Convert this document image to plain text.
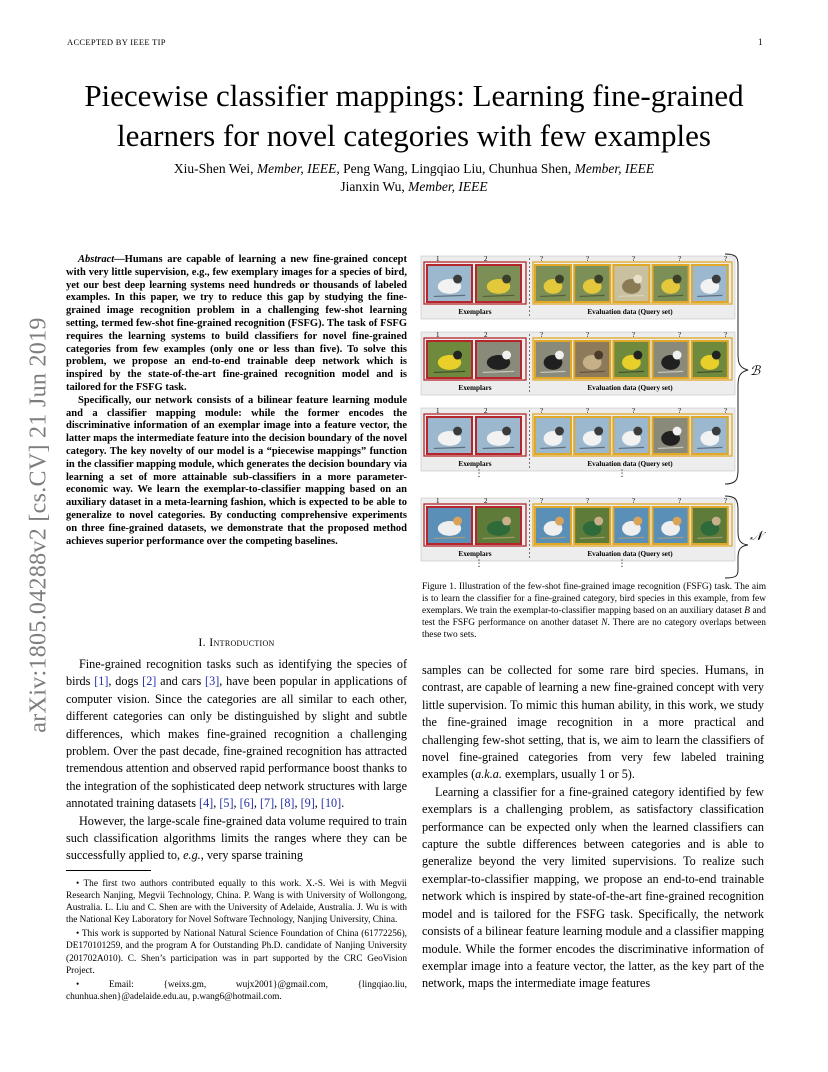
ACCEPTED BY IEEE TIP	1
arXiv:1805.04288v2 [cs.CV] 21 Jun 2019
Piecewise classifier mappings: Learning fine-grained learners for novel categories with few examples
Xiu-Shen Wei, Member, IEEE, Peng Wang, Lingqiao Liu, Chunhua Shen, Member, IEEE
Jianxin Wu, Member, IEEE

Abstract—Humans are capable of learning a new fine-grained concept with very little supervision, e.g., few exemplary images for a species of bird, yet our best deep learning systems need hundreds or thousands of labeled examples. In this paper, we try to reduce this gap by studying the fine-grained image recognition problem in a challenging few-shot learning setting, termed few-shot fine-grained recognition (FSFG). The task of FSFG requires the learning systems to build classifiers for novel fine-grained categories from few examples (only one or less than five). To solve this problem, we propose an end-to-end trainable deep network which is inspired by the state-of-the-art fine-grained recognition model and is tailored for the FSFG task.

Specifically, our network consists of a bilinear feature learning module and a classifier mapping module: while the former encodes the discriminative information of an exemplar image into a feature vector, the latter maps the intermediate feature into the decision boundary of the novel category. The key novelty of our model is a “piecewise mappings” function in the classifier mapping module, which generates the decision boundary via learning a set of more attainable sub-classifiers in a more parameter-economic way. We learn the exemplar-to-classifier mapping based on an auxiliary dataset in a meta-learning fashion, which is expected to be able to generalize to novel categories. By conducting comprehensive experiments on three fine-grained datasets, we demonstrate that the proposed method achieves superior performance over the competing baselines.

I. Introduction

Fine-grained recognition tasks such as identifying the species of birds [1], dogs [2] and cars [3], have been popular in applications of computer vision. Since the categories are all similar to each other, different categories can only be distinguished by slight and subtle differences, which makes fine-grained recognition a challenging problem. Over the past decade, fine-grained recognition has attracted tremendous attention and observed rapid performance boost thanks to the integration of the sophisticated deep network structures with large annotated training datasets [4], [5], [6], [7], [8], [9], [10].

However, the large-scale fine-grained data volume required to train such classification algorithms limits the ranges where they can be successfully applied to, e.g., very sparse training

• The first two authors contributed equally to this work. X.-S. Wei is with Megvii Research Nanjing, Megvii Technology, China. P. Wang is with University of Wollongong, Australia. L. Liu and C. Shen are with the University of Adelaide, Australia. J. Wu is with the National Key Laboratory for Novel Software Technology, Nanjing University, China.

• This work is supported by National Natural Science Foundation of China (61772256), DE170101259, and the program A for Outstanding Ph.D. candidate of Nanjing University (201702A010). C. Shen’s participation was in part supported by the CRC GeoVision Project.

• Email: {weixs.gm, wujx2001}@gmail.com, {lingqiao.liu, chunhua.shen}@adelaide.edu.au, p.wang6@hotmail.com.

1	2	?	?	?	?	?
Exemplars	Evaluation data (Query set)
1	2	?	?	?	?	?
Exemplars	Evaluation data (Query set)
1	2	?	?	?	?	?
Exemplars	Evaluation data (Query set)
1	2	?	?	?	?	?
Exemplars	Evaluation data (Query set)
⋮	⋮
⋮	⋮
ℬ
𝒩
Figure 1. Illustration of the few-shot fine-grained image recognition (FSFG) task. The aim is to learn the classifier for a fine-grained category, bird species in this example, from few exemplars. We train the exemplar-to-classifier mapping based on an auxiliary dataset B and test the FSFG performance on another dataset N. There are no category overlaps between these two sets.

samples can be collected for some rare bird species. Humans, in contrast, are capable of learning a new fine-grained concept with very little supervision. To mimic this human ability, in this work, we study the fine-grained image recognition in a more practical and challenging few-shot setting, that is, we aim to learn the classifiers of novel fine-grained categories from very few labeled training examples (a.k.a. exemplars, usually 1 or 5).

Learning a classifier for a fine-grained category identified by few exemplars is a challenging problem, as satisfactory classification performance can be expected only when the learned classifiers can capture the subtle differences between categories and is able to generalize beyond the very limited supervisions. To realize such exemplar-to-classifier mapping, we propose an end-to-end trainable network which is inspired by state-of-the-art fine-grained recognition model and is tailored for the FSFG task. Specifically, the network consists of a bilinear feature learning module and a classifier mapping module. While the former encodes the discriminative information of exemplar image into a feature vector, the latter, as the key part of the network, maps the intermediate image features
